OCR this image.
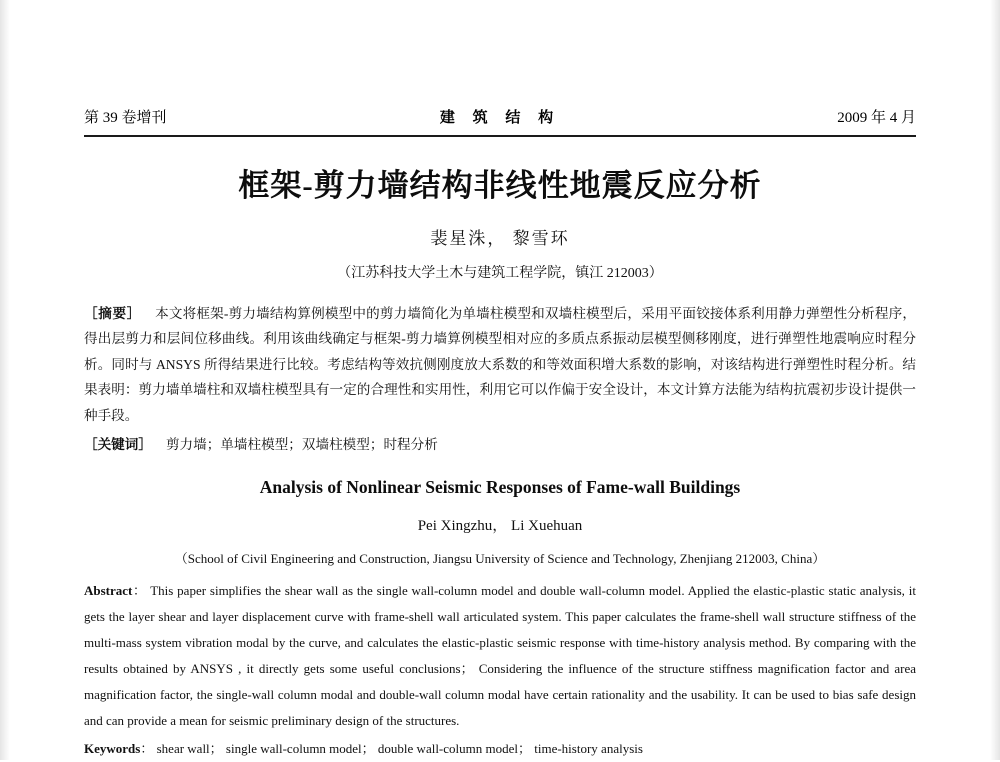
第 39 卷增刊	建 筑 结 构	2009 年 4 月
框架-剪力墙结构非线性地震反应分析
裴星洙， 黎雪环
（江苏科技大学土木与建筑工程学院，镇江 212003）
［摘要］ 本文将框架-剪力墙结构算例模型中的剪力墙简化为单墙柱模型和双墙柱模型后，采用平面铰接体系利用静力弹塑性分析程序，得出层剪力和层间位移曲线。利用该曲线确定与框架-剪力墙算例模型相对应的多质点系振动层模型侧移刚度，进行弹塑性地震响应时程分析。同时与 ANSYS 所得结果进行比较。考虑结构等效抗侧刚度放大系数的和等效面积增大系数的影响，对该结构进行弹塑性时程分析。结果表明：剪力墙单墙柱和双墙柱模型具有一定的合理性和实用性，利用它可以作偏于安全设计，本文计算方法能为结构抗震初步设计提供一种手段。
［关键词］ 剪力墙；单墙柱模型；双墙柱模型；时程分析
Analysis of Nonlinear Seismic Responses of Fame-wall Buildings
Pei Xingzhu， Li Xuehuan
（School of Civil Engineering and Construction, Jiangsu University of Science and Technology, Zhenjiang 212003, China）
Abstract： This paper simplifies the shear wall as the single wall-column model and double wall-column model. Applied the elastic-plastic static analysis, it gets the layer shear and layer displacement curve with frame-shell wall articulated system. This paper calculates the frame-shell wall structure stiffness of the multi-mass system vibration modal by the curve, and calculates the elastic-plastic seismic response with time-history analysis method. By comparing with the results obtained by ANSYS , it directly gets some useful conclusions； Considering the influence of the structure stiffness magnification factor and area magnification factor, the single-wall column modal and double-wall column modal have certain rationality and the usability. It can be used to bias safe design and can provide a mean for seismic preliminary design of the structures.
Keywords： shear wall； single wall-column model； double wall-column model； time-history analysis
